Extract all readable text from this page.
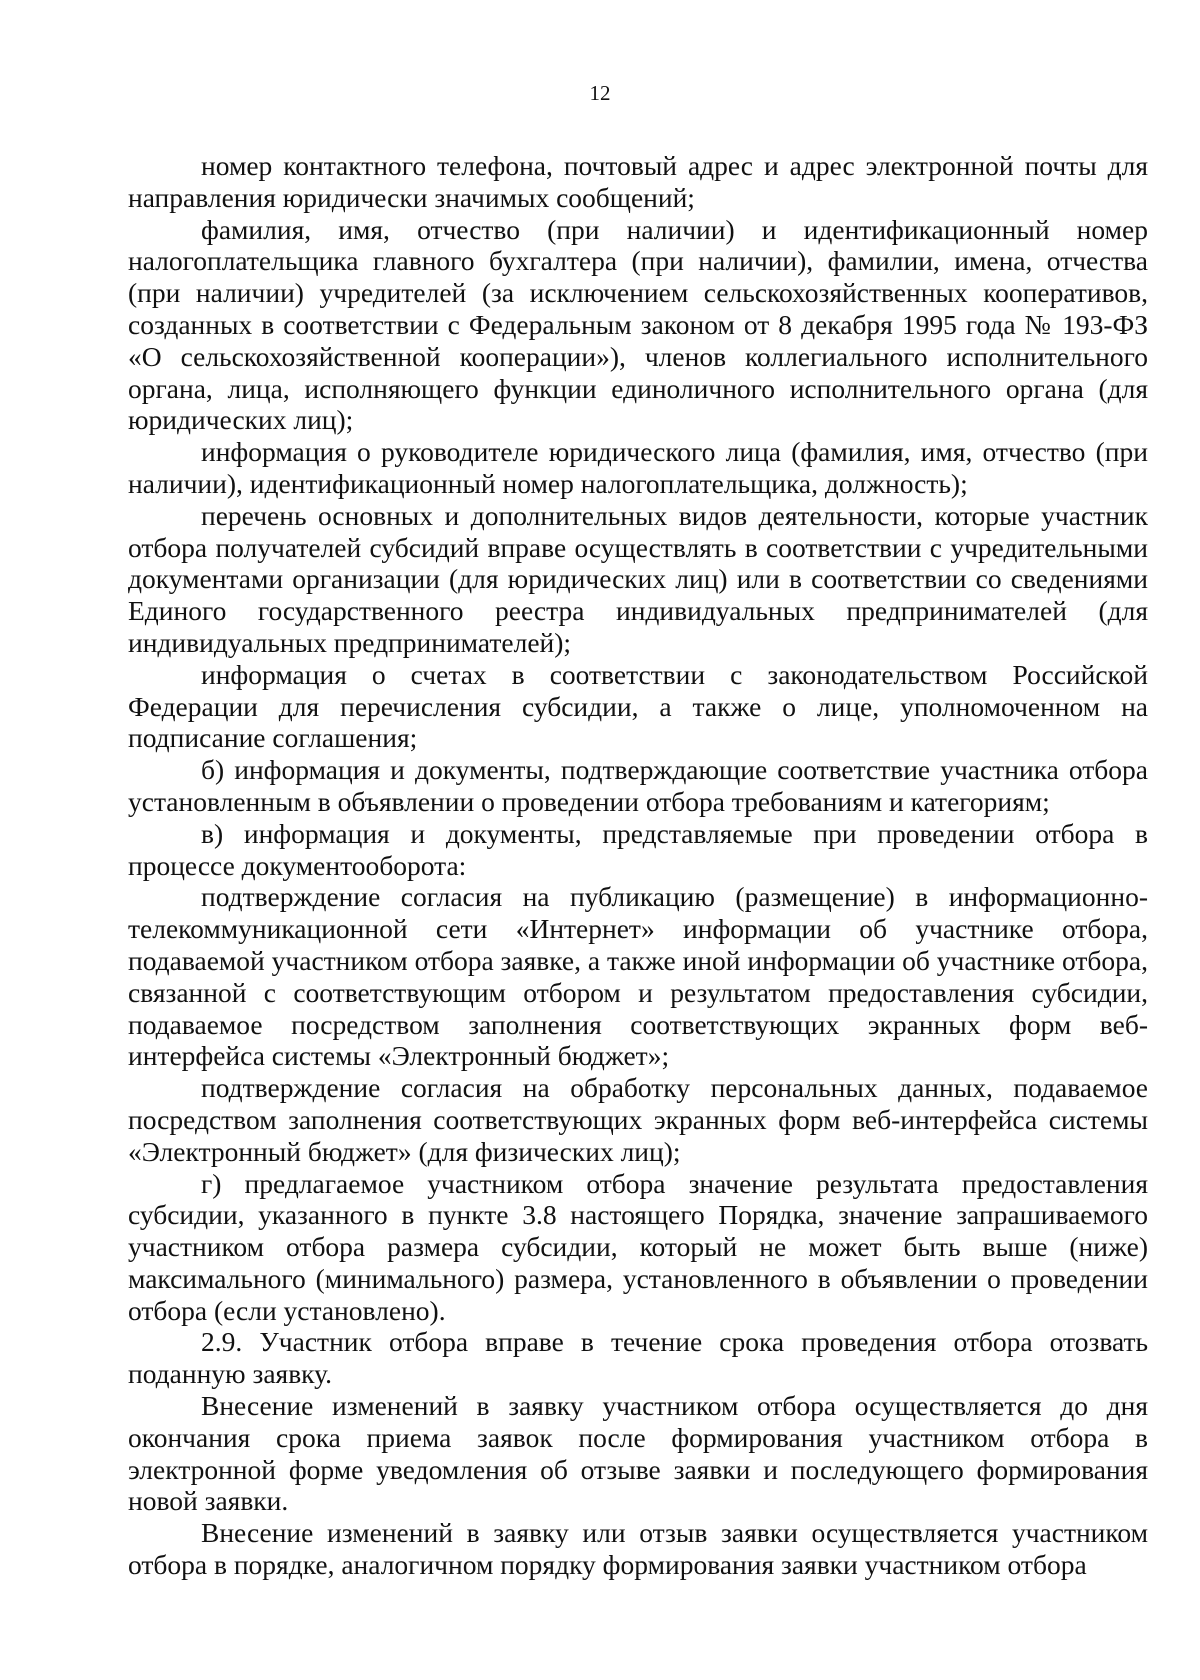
12

номер контактного телефона, почтовый адрес и адрес электронной почты для направления юридически значимых сообщений;

фамилия, имя, отчество (при наличии) и идентификационный номер налогоплательщика главного бухгалтера (при наличии), фамилии, имена, отчества (при наличии) учредителей (за исключением сельскохозяйственных кооперативов, созданных в соответствии с Федеральным законом от 8 декабря 1995 года № 193-ФЗ «О сельскохозяйственной кооперации»), членов коллегиального исполнительного органа, лица, исполняющего функции единоличного исполнительного органа (для юридических лиц);

информация о руководителе юридического лица (фамилия, имя, отчество (при наличии), идентификационный номер налогоплательщика, должность);

перечень основных и дополнительных видов деятельности, которые участник отбора получателей субсидий вправе осуществлять в соответствии с учредительными документами организации (для юридических лиц) или в соответствии со сведениями Единого государственного реестра индивидуальных предпринимателей (для индивидуальных предпринимателей);

информация о счетах в соответствии с законодательством Российской Федерации для перечисления субсидии, а также о лице, уполномоченном на подписание соглашения;

б) информация и документы, подтверждающие соответствие участника отбора установленным в объявлении о проведении отбора требованиям и категориям;

в) информация и документы, представляемые при проведении отбора в процессе документооборота:

подтверждение согласия на публикацию (размещение) в информационно-телекоммуникационной сети «Интернет» информации об участнике отбора, подаваемой участником отбора заявке, а также иной информации об участнике отбора, связанной с соответствующим отбором и результатом предоставления субсидии, подаваемое посредством заполнения соответствующих экранных форм веб-интерфейса системы «Электронный бюджет»;

подтверждение согласия на обработку персональных данных, подаваемое посредством заполнения соответствующих экранных форм веб-интерфейса системы «Электронный бюджет» (для физических лиц);

г) предлагаемое участником отбора значение результата предоставления субсидии, указанного в пункте 3.8 настоящего Порядка, значение запрашиваемого участником отбора размера субсидии, который не может быть выше (ниже) максимального (минимального) размера, установленного в объявлении о проведении отбора (если установлено).

2.9. Участник отбора вправе в течение срока проведения отбора отозвать поданную заявку.

Внесение изменений в заявку участником отбора осуществляется до дня окончания срока приема заявок после формирования участником отбора в электронной форме уведомления об отзыве заявки и последующего формирования новой заявки.

Внесение изменений в заявку или отзыв заявки осуществляется участником отбора в порядке, аналогичном порядку формирования заявки участником отбора
